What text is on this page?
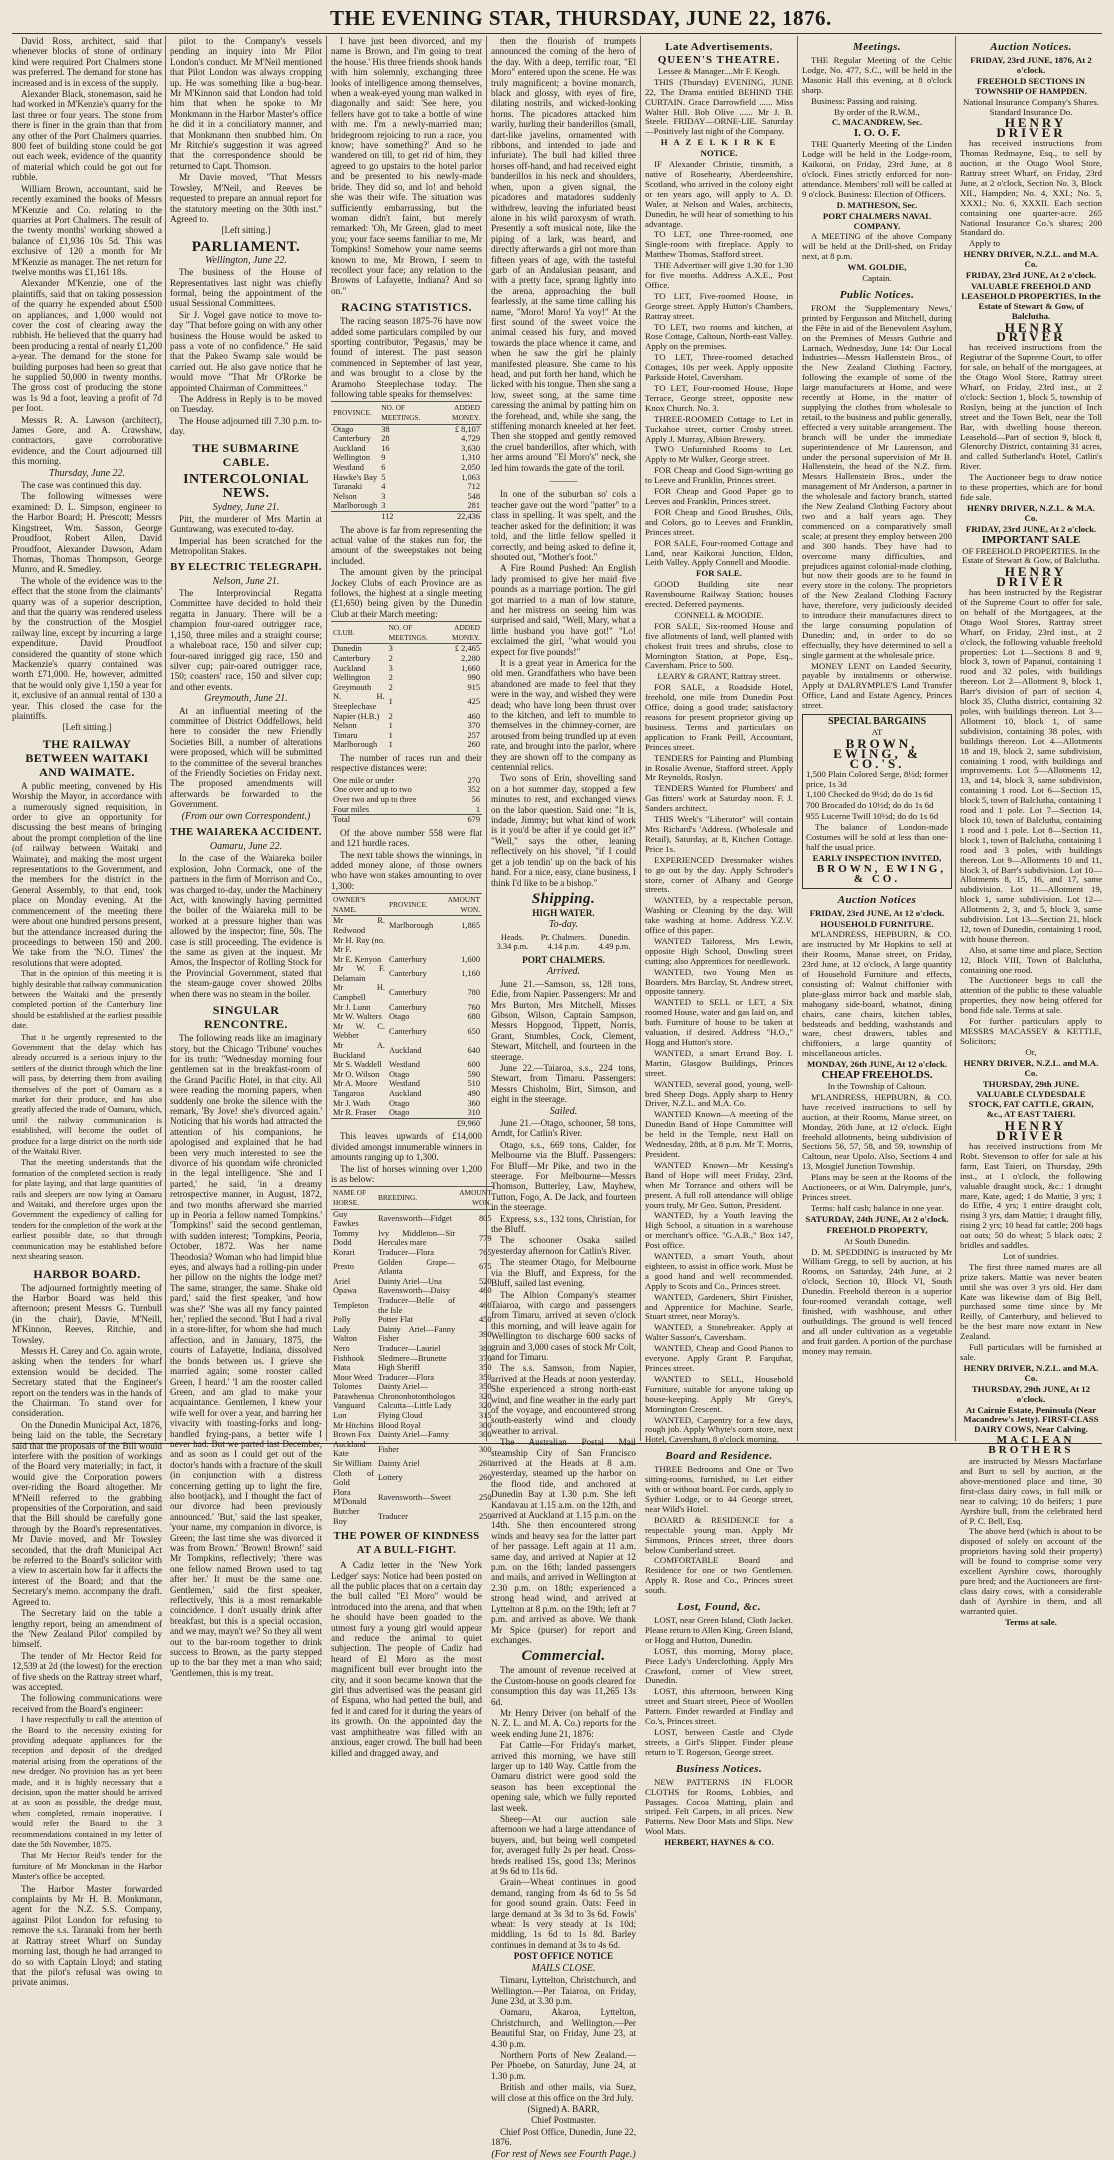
THE EVENING STAR, THURSDAY, JUNE 22, 1876.

David Ross, architect, said that whenever blocks of stone of ordinary kind were required Port Chalmers stone was preferred. The demand for stone has increased and is in excess of the supply.

Alexander Black, stonemason, said he had worked in M'Kenzie's quarry for the last three or four years. The stone from there is finer in the grain than that from any other of the Port Chalmers quarries. 800 feet of building stone could be got out each week, evidence of the quantity of material which could be got out for rubble.

William Brown, accountant, said he recently examined the books of Messrs M'Kenzie and Co. relating to the quarries at Port Chalmers. The result of the twenty months' working showed a balance of £1,936 10s 5d. This was exclusive of 120 a month for Mr M'Kenzie as manager. The net return for twelve months was £1,161 18s.

Alexander M'Kenzie, one of the plaintiffs, said that on taking possession of the quarry he expended about £500 on appliances, and 1,000 would not cover the cost of clearing away the rubbish. He believed that the quarry had been producing a rental of nearly £1,200 a-year. The demand for the stone for building purposes had been so great that he supplied 50,000 in twenty months. The gross cost of producing the stone was 1s 9d a foot, leaving a profit of 7d per foot.

Messrs R. A. Lawson (architect), James Gore, and A. Crawshaw, contractors, gave corroborative evidence, and the Court adjourned till this morning.

Thursday, June 22.

The case was continued this day.

The following witnesses were examined: D. L. Simpson, engineer to the Harbor Board; H. Prescott; Messrs Kingstreet, Wm. Sasson, George Proudfoot, Robert Allen, David Proudfoot, Alexander Dawson, Adam Thomas, Thomas Thompson, George Munro, and R. Smedley.

The whole of the evidence was to the effect that the stone from the claimants' quarry was of a superior description, and that the quarry was rendered useless by the construction of the Mosgiel railway line, except by incurring a large expenditure. David Proudfoot considered the quantity of stone which Mackenzie's quarry contained was worth £71,000. He, however, admitted that he would only give 1,150 a year for it, exclusive of an annual rental of 130 a year. This closed the case for the plaintiffs.

[Left sitting.]

THE RAILWAY BETWEEN WAITAKI AND WAIMATE.

A public meeting, convened by His Worship the Mayor, in accordance with a numerously signed requisition, in order to give an opportunity for discussing the best means of bringing about the prompt completion of the line (of railway between Waitaki and Waimate), and making the most urgent representations to the Government, and the members for the district in the General Assembly, to that end, took place on Monday evening. At the commencement of the meeting there were about one hundred persons present, but the attendance increased during the proceedings to between 150 and 200. We take from the 'N.O. Times' the resolutions that were adopted.

That in the opinion of this meeting it is highly desirable that railway communication between the Waitaki and the presently completed portion of the Canterbury line should be established at the earliest possible date.

That it be urgently represented to the Government that the delay which has already occurred is a serious injury to the settlers of the district through which the line will pass, by deterring them from availing themselves of the port of Oamaru as a market for their produce, and has also greatly affected the trade of Oamaru, which, until the railway communication is established, will become the outlet of produce for a large district on the north side of the Waitaki River.

That the meeting understands that the formation of the completed section is ready for plate laying, and that large quantities of rails and sleepers are now lying at Oamaru and Waitaki, and therefore urges upon the Government the expediency of calling for tenders for the completion of the work at the earliest possible date, so that through communication may be established before next shearing season.

HARBOR BOARD.

The adjourned fortnightly meeting of the Harbor Board was held this afternoon; present Messrs G. Turnbull (in the chair), Davie, M'Neill, M'Kinnon, Reeves, Ritchie, and Towsley.

Messrs H. Carey and Co. again wrote, asking when the tenders for wharf extension would be decided. The Secretary stated that the Engineer's report on the tenders was in the hands of the Chairman. To stand over for consideration.

On the Dunedin Municipal Act, 1876, being laid on the table, the Secretary said that the proposals of the Bill would interfere with the position of workings of the Board very materially; in fact, it would give the Corporation powers over-riding the Board altogether. Mr M'Neill referred to the grabbing propensities of the Corporation, and said that the Bill should be carefully gone through by the Board's representatives. Mr Davie moved, and Mr Towsley seconded, that the draft Municipal Act be referred to the Board's solicitor with a view to ascertain how far it affects the interest of the Board; and that the Secretary's memo. accompany the draft. Agreed to.

The Secretary laid on the table a lengthy report, being an amendment of the 'New Zealand Pilot' compiled by himself.

The tender of Mr Hector Reid for 12,539 at 2d (the lowest) for the erection of five sheds on the Rattray street wharf, was accepted.

The following communications were received from the Board's engineer:

I have respectfully to call the attention of the Board to the necessity existing for providing adequate appliances for the reception and deposit of the dredged material arising from the operations of the new dredger. No provision has as yet been made, and it is highly necessary that a decision, upon the matter should be arrived at as soon as possible, the dredge must, when completed, remain inoperative. I would refer the Board to the 3 recommendations contained in my letter of date the 5th November, 1875.

That Mr Hector Reid's tender for the furniture of Mr Monckman in the Harbor Master's office be accepted.

The Harbor Master forwarded complaints by Mr H. B. Monkmann, agent for the N.Z. S.S. Company, against Pilot London for refusing to remove the s.s. Taranaki from her berth at Rattray street Wharf on Sunday morning last, though he had arranged to do so with Captain Lloyd; and stating that the pilot's refusal was owing to private animus.

pilot to the Company's vessels pending an inquiry into Mr Pilot London's conduct. Mr M'Neil mentioned that Pilot London was always cropping up. He was something like a bug-bear. Mr M'Kinnon said that London had told him that when he spoke to Mr Monkmann in the Harbor Master's office he did it in a conciliatory manner, and that Monkmann then snubbed him. On Mr Ritchie's suggestion it was agreed that the correspondence should be returned to Capt. Thomson.

Mr Davie moved, "That Messrs Towsley, M'Neil, and Reeves be requested to prepare an annual report for the statutory meeting on the 30th inst." Agreed to.

[Left sitting.]

PARLIAMENT.

Wellington, June 22.

The business of the House of Representatives last night was chiefly formal, being the appointment of the usual Sessional Committees.

Sir J. Vogel gave notice to move to-day "That before going on with any other business the House would be asked to pass a vote of no confidence." He said that the Pakeo Swamp sale would be carried out. He also gave notice that he would move "That Mr O'Rorke be appointed Chairman of Committees."

The Address in Reply is to be moved on Tuesday.

The House adjourned till 7.30 p.m. to-day.

THE SUBMARINE CABLE.

INTERCOLONIAL NEWS.

Sydney, June 21.

Pitt, the murderer of Mrs Martin at Guntawang, was executed to-day.

Imperial has been scratched for the Metropolitan Stakes.

BY ELECTRIC TELEGRAPH.

Nelson, June 21.

The Interprovincial Regatta Committee have decided to hold their regatta in January. There will be a champion four-oared outrigger race, 1,150, three miles and a straight course; a whaleboat race, 150 and silver cup; four-oared inrigged gig race, 150 and silver cup; pair-oared outrigger race, 150; coasters' race, 150 and silver cup; and other events.

Greymouth, June 21.

At an influential meeting of the committee of District Oddfellows, held here to consider the new Friendly Societies Bill, a number of alterations were proposed, which will be submitted to the committee of the several branches of the Friendly Societies on Friday next. The proposed amendments will afterwards be forwarded to the Government.

(From our own Correspondent.)

THE WAIAREKA ACCIDENT.

Oamaru, June 22.

In the case of the Waiareka boiler explosion, John Cormack, one of the partners in the firm of Morrison and Co., was charged to-day, under the Machinery Act, with knowingly having permitted the boiler of the Waiareka mill to be worked at a pressure higher than was allowed by the inspector; fine, 50s. The case is still proceeding. The evidence is the same as given at the inquest. Mr Amos, the Inspector of Rolling Stock for the Provincial Government, stated that the steam-gauge cover showed 20lbs when there was no steam in the boiler.

SINGULAR RENCONTRE.

The following reads like an imaginary story, but the Chicago 'Tribune' vouches for its truth: "Wednesday morning four gentlemen sat in the breakfast-room of the Grand Pacific Hotel, in that city. All were reading the morning papers, when suddenly one broke the silence with the remark, 'By Jove! she's divorced again.' Noticing that his words had attracted the attention of his companions, he apologised and explained that he had been very much interested to see the divorce of his quondam wife chronicled in the legal intelligence. 'She and I parted,' he said, 'in a dreamy retrospective manner, in August, 1872, and two months afterward she married up in Peoria a fellow named Tompkins.' 'Tompkins!' said the second gentleman, with sudden interest; 'Tompkins, Peoria, October, 1872. Was her name Theodosia? Woman who had limpid blue eyes, and always had a rolling-pin under her pillow on the nights the lodge met? The same, stranger, the same. Shake old pard,' said the first speaker, 'and how was she?' 'She was all my fancy painted her,' replied the second. 'But I had a rival in a store-lifter, for whom she had much affection, and in January, 1875, the courts of Lafayette, Indiana, dissolved the bonds between us. I grieve she married again; some rooster called Green, I heard.' 'I am the rooster called Green, and am glad to make your acquaintance. Gentlemen, I knew your wife well for over a year, and barring her vivacity with toasting-forks and long-handled frying-pans, a better wife I never had. But we parted last December, and as soon as I could get out of the doctor's hands with a fracture of the skull (in conjunction with a distress concerning getting up to light the fire, also bootjack), and I thought the fact of our divorce had been previously announced.' 'But,' said the last speaker, 'your name, my companion in divorce, is Green; the last time she was divorced it was from Brown.' 'Brown! Brown!' said Mr Tompkins, reflectively; 'there was one fellow named Brown used to tag after her.' It must be the same one. Gentlemen,' said the first speaker, reflectively, 'this is a most remarkable coincidence. I don't usually drink after breakfast, but this is a special occasion, and we may, mayn't we? So they all went out to the bar-room together to drink success to Brown, as the party stepped up to the bar they met a man who said; 'Gentlemen, this is my treat.

I have just been divorced, and my name is Brown, and I'm going to treat the house.' His three friends shook hands with him solemnly, exchanging three looks of intelligence among themselves, when a weak-eyed young man walked in diagonally and said: 'See here, you fellers have got to take a bottle of wine with me. I'm a newly-married man; bridegroom rejoicing to run a race, you know; have something?' And so he wandered on till, to get rid of him, they agreed to go upstairs to the hotel parlor and be presented to his newly-made bride. They did so, and lo! and behold she was their wife. The situation was sufficiently embarrassing, but the woman didn't faint, but merely remarked: 'Oh, Mr Green, glad to meet you; your face seems familiar to me, Mr Tompkins! Somehow your name seems known to me, Mr Brown, I seem to recollect your face; any relation to the Browns of Lafayette, Indiana? And so on."

RACING STATISTICS.

The racing season 1875-76 have now added some particulars compiled by our sporting contributor, 'Pegasus,' may be found of interest. The past season commenced in September of last year, and was brought to a close by the Aramoho Steeplechase today. The following table speaks for themselves:

PROVINCE.	NO. OF MEETINGS.	ADDED MONEY.
Otago	38	£ 8,107
Canterbury	28	4,729
Auckland	16	3,630
Wellington	9	1,310
Westland	6	2,050
Hawke's Bay	5	1,063
Taranaki	4	712
Nelson	3	548
Marlborough	3	281
	112	22,436

The above is far from representing the actual value of the stakes run for, the amount of the sweepstakes not being included.

The amount given by the principal Jockey Clubs of each Province are as follows, the highest at a single meeting (£1,650) being given by the Dunedin Club at their March meeting:

CLUB.	NO. OF MEETINGS.	ADDED MONEY.
Dunedin	3	£ 2,465
Canterbury	2	2,280
Auckland	3	1,660
Wellington	2	990
Greymouth	2	915
N. H. Steeplechase	1	425
Napier (H.B.)	2	460
Nelson	1	370
Timaru	1	257
Marlborough	1	260

The number of races run and their respective distances were:

One mile or under	270
One over and up to two	352
Over two and up to three	56
Four miles	1
Total	679

Of the above number 558 were flat and 121 hurdle races.

The next table shows the winnings, in added money alone, of those owners who have won stakes amounting to over 1,300:

OWNER'S NAME.	PROVINCE.	AMOUNT WON.
Mr R. Redwood	Marlborough	1,865
Mr H. Ray (no. Mr F.		
Mr E. Kenyon	Canterbury	1,600
Mr W. F. Delamain	Canterbury	1,160
Mr H. Campbell	Canterbury	780
Mr J. Lunn	Canterbury	760
Mr W. Walters	Otago	680
Mr W. C. Webber	Canterbury	650
Mr A. Buckland	Auckland	640
Mr S. Waddell	Westland	600
Mr O. Wilson	Otago	590
Mr A. Moore	Westland	510
Tangaroa	Auckland	490
Mr J. Wath	Otago	360
Mr R. Fraser	Otago	310
		£9,960

This leaves upwards of £14,000 divided amongst innumerable winners in amounts ranging up to 1,300.

The list of horses winning over 1,200 is as below:

NAME OF HORSE.	BREEDING.	AMOUNT WON.
Guy Fawkes	Ravensworth—Fidget	805
Tommy Dodd	Ivy Middleton—Sir Hercules mare	779
Korari	Traducer—Flora	765
Presto	Golden Grape—Atlanta	675
Ariel	Dainty Ariel—Una	520
Opawa	Ravensworth—Daisy	460
Templeton	Traducer—Belle of the Isle	460
Polly	Potter Flat	450
Lady Walton	Dainty Ariel—Fanny Fisher	390
Nero	Traducer—Lauriel	380
Fishhook	Sledmere—Brunette	370
Mata	High Sheriff	350
Moor Weed	Traducer—Flora	350
Tolomes	Dainty Ariel—	350
Parawhenua	Chrononhotonthologos	320
Vanguard	Calcutta—Little Lady	320
Lon	Flying Cloud	315
Mr Hitchins	Blood Royal	300
Brown Fox	Dainty Ariel—Fanny	300
Auckland Kate	Fisher	300
Sir William	Dainty Ariel	260
Cloth of Gold	Lottery	260
Flora M'Donald	Ravensworth—Sweet	250
Butcher Boy	Traducer	250

THE POWER OF KINDNESS AT A BULL-FIGHT.

A Cadiz letter in the 'New York Ledger' says: Notice had been posted on all the public places that on a certain day the bull called "El Moro" would be introduced into the arena, and that when he should have been goaded to the utmost fury a young girl would appear and reduce the animal to quiet subjection. The people of Cadiz had heard of El Moro as the most magnificent bull ever brought into the city, and it soon became known that the girl thus advertised was the peasant girl of Espana, who had petted the bull, and fed it and cared for it during the years of its growth. On the appointed day the vast amphitheatre was filled with an anxious, eager crowd. The bull had been killed and dragged away, and

then the flourish of trumpets announced the coming of the hero of the day. With a deep, terrific roar, "El Moro" entered upon the scene. He was truly magnificent; a bovine monarch, black and glossy, with eyes of fire, dilating nostrils, and wicked-looking horns. The picadores attacked him warily, hurling their banderillos (small, dart-like javelins, ornamented with ribbons, and intended to jade and infuriate). The bull had killed three horses off-hand, and had received eight banderillos in his neck and shoulders, when, upon a given signal, the picadores and matadores suddenly withdrew, leaving the infuriated beast alone in his wild paroxysm of wrath. Presently a soft musical note, like the piping of a lark, was heard, and directly afterwards a girl not more than fifteen years of age, with the tasteful garb of an Andalusian peasant, and with a pretty face, sprang lightly into the arena, approaching the bull fearlessly, at the same time calling his name, "Moro! Moro! Ya voy!" At the first sound of the sweet voice the animal ceased his fury, and moved towards the place whence it came, and when he saw the girl he plainly manifested pleasure. She came to his head, and put forth her hand, which he licked with his tongue. Then she sang a low, sweet song, at the same time caressing the animal by patting him on the forehead, and, while she sang, the stiffening monarch kneeled at her feet. Then she stopped and gently removed the cruel banderillos, after which, with her arms around "El Moro's" neck, she led him towards the gate of the toril.

———

In one of the suburban so' cols a teacher gave out the word "patter" to a class in spelling. It was spelt, and the teacher asked for the definition; it was told, and the little fellow spelled it correctly, and being asked to define it, shouted out, "Mother's foot."

A Fire Round Pushed: An English lady promised to give her maid five pounds as a marriage portion. The girl got married to a man of low stature, and her mistress on seeing him was surprised and said, "Well, Mary, what a little husband you have got!" "Lo! exclaimed the girl, "what would you expect for five pounds!"

It is a great year in America for the old men. Grandfathers who have been abandoned are made to feel that they were in the way, and wished they were dead; who have long been thrust over to the kitchen, and left to mumble to themselves in the chimney-corner, are aroused from being trundled up at even rate, and brought into the parlor, where they are shown off to the company as centennial relics.

Two sons of Erin, shovelling sand on a hot summer day, stopped a few minutes to rest, and exchanged views on the labor question. Said one: "It is, indade, Jimmy; but what kind of work is it you'd be after if ye could get it?" "Well," says the other, leaning reflectively on his shovel, "if I could get a job tendin' up on the back of his hand. For a nice, easy, clane business, I think I'd like to be a bishop."

Shipping.

HIGH WATER.

To-day.

Heads.	Pt. Chalmers.	Dunedin.
3.34 p.m.	4.14 p.m.	4.49 p.m.

PORT CHALMERS.

Arrived.

June 21.—Samson, ss, 128 tons, Edie, from Napier. Passengers: Mr and Mrs Burton, Mrs Mitchell, Misses Gibson, Wilson, Captain Sampson, Messrs Hopgood, Tippett, Norris, Grant, Stumbles, Cock, Clement, Stewart, Mitchell, and fourteen in the steerage.

June 22.—Taiaroa, s.s., 224 tons, Stewart, from Timaru. Passengers: Messrs Chisholm, Birt, Simson, and eight in the steerage.

Sailed.

June 21.—Otago, schooner, 58 tons, Arndt, for Catlin's River.

Otago, s.s., 669 tons, Calder, for Melbourne via the Bluff. Passengers: For Bluff—Mr Pike, and two in the steerage. For Melbourne—Messrs Thomson, Butterley, Law, Mayhew, Tutton, Fogo, A. De Jack, and fourteen in the steerage.

Express, s.s., 132 tons, Christian, for the Bluff.

The schooner Osaka sailed yesterday afternoon for Catlin's River.

The steamer Otago, for Melbourne via the Bluff, and Express, for the Bluff, sailed last evening.

The Albion Company's steamer Taiaroa, with cargo and passengers from Timaru, arrived at seven o'clock this morning, and will leave again for Wellington to discharge 600 sacks of grain and 3,000 cases of stock Mr Colt, and for Timaru.

The s.s. Samson, from Napier, arrived at the Heads at noon yesterday. She experienced a strong north-east wind, and fine weather in the early part of the voyage, and encountered strong south-easterly wind and cloudy weather to arrival.

The Australian Postal Mail steamship City of San Francisco arrived at the Heads at 8 a.m. yesterday, steamed up the harbor on the flood tide, and anchored at Dunedin Bay at 1.30 p.m. She left Kandavau at 1.15 a.m. on the 12th, and arrived at Auckland at 1.15 p.m. on the 14th. She then encountered strong winds and heavy sea for the latter part of her passage. Left again at 11 a.m. same day, and arrived at Napier at 12 p.m. on the 16th; landed passengers and mails, and arrived in Wellington at 2.30 p.m. on 18th; experienced a strong head wind, and arrived at Lyttelton at 8 p.m. on the 19th; left at 7 p.m. and arrived as above. We thank Mr Spice (purser) for report and exchanges.

Commercial.

The amount of revenue received at the Custom-house on goods cleared for consumption this day was 11,265 13s 6d.

Mr Henry Driver (on behalf of the N. Z. L. and M. A. Co.) reports for the week ending June 21, 1876:

Fat Cattle—For Friday's market, arrived this morning, we have still larger up to 140 Way. Cattle from the Oamaru district were good sold the season has been exceptional the opening sale, which we fully reported last week.

Sheep—At our auction sale afternoon we had a large attendance of buyers, and, but being well competed for, averaged fully 2s per head. Cross-breds realised 15s, good 13s; Merinos at 9s 6d to 11s 6d.

Grain—Wheat continues in good demand, ranging from 4s 6d to 5s 5d for good sound grain. Oats: Feed in large demand at 3s 3d to 3s 6d. Fowls' wheat: Is very steady at 1s 10d; middling, 1s 6d to 1s 8d. Barley continues in demand at 3s to 4s 6d.

POST OFFICE NOTICE

MAILS CLOSE.

Timaru, Lyttelton, Christchurch, and Wellington.—Per Taiaroa, on Friday, June 23d, at 3.30 p.m.

Oamaru, Akaroa, Lyttelton, Christchurch, and Wellington.—Per Beautiful Star, on Friday, June 23, at 4.30 p.m.

Northern Ports of New Zealand.—Per Phoebe, on Saturday, June 24, at 1.30 p.m.

British and other mails, via Suez, will close at this office on the 3rd July.

(Signed) A. BARR,

Chief Postmaster.

Chief Post Office, Dunedin, June 22, 1876.

(For rest of News see Fourth Page.)

Late Advertisements.

QUEEN'S THEATRE.

Lessee & Manager....Mr F. Keogh.

THIS (Thursday) EVENING, JUNE 22, The Drama entitled BEHIND THE CURTAIN. Grace Darrowfield ...... Miss Walter Hill. Bob Olive ...... Mr J. B. Steele. FRIDAY—ORNE-LIE. Saturday—Positively last night of the Company.

H A Z E L K I R K E

NOTICE.

IF Alexander Christie, tinsmith, a native of Rosehearty, Aberdeenshire, Scotland, who arrived in the colony eight or ten years ago, will apply to A. D. Waler, at Nelson and Wales, architects, Dunedin, he will hear of something to his advantage.

TO LET, one Three-roomed, one Single-room with fireplace. Apply to Matthew Thomas, Stafford street.

THE Advertiser will give 1.30 for 1.30 for five months. Address A.X.E., Post Office.

TO LET, Five-roomed House, in George street. Apply Hutton's Chambers, Rattray street.

TO LET, two rooms and kitchen, at Rose Cottage, Caltoun, North-east Valley. Apply on the premises.

TO LET, Three-roomed detached Cottages, 10s per week. Apply opposite Parkside Hotel, Caversham.

TO LET, Four-roomed House, Hope Terrace, George street, opposite new Knox Church. No. 3.

THREE-ROOMED Cottage to Let in Tuckahoe street, corner Crosby street. Apply J. Murray, Albion Brewery.

TWO Unfurnished Rooms to Let. Apply to Mr Walker, George street.

FOR Cheap and Good Sign-writing go to Leeve and Franklin, Princes street.

FOR Cheap and Good Paper go to Leeves and Franklin, Princes street.

FOR Cheap and Good Brushes, Oils, and Colors, go to Leeves and Franklin, Princes street.

FOR SALE, Four-roomed Cottage and Land, near Kaikorai Junction, Eldon, Leith Valley. Apply Connell and Moodie.

FOR SALE.

GOOD Building site near Ravensbourne Railway Station; houses erected. Deferred payments.

CONNELL & MOODIE.

FOR SALE, Six-roomed House and five allotments of land, well planted with chokest fruit trees and shrubs, close to Mornington Station, at Pope, Esq., Caversham. Price to 500.

LEARY & GRANT, Rattray street.

FOR SALE, a Roadside Hotel, freehold, one mile from Dunedin Post Office, doing a good trade; satisfactory reasons for present proprietor giving up business. Terms and particulars on application to Frank Peill, Accountant, Princes street.

TENDERS for Painting and Plumbing in Rosalie Avenue, Stafford street. Apply Mr Reynolds, Roslyn.

TENDERS Wanted for Plumbers' and Gas fitters' work at Saturday noon. F. J. Sanders architect.

THIS Week's "Liberator" will contain Mrs Richard's 'Address. (Wholesale and Retail), Saturday, at 8, Kitchen Cottage. Price 1s.

EXPERIENCED Dressmaker wishes to go out by the day. Apply Schroder's store, corner of Albany and George streets.

WANTED, by a respectable person, Washing or Cleaning by the day. Will take washing at home. Address Y.Z.V. office of this paper.

WANTED Tailoress, Mrs Lewis, opposite High School, Dowling street cutting; also Apprentices for needlework.

WANTED, two Young Men as Boarders. Mrs Barclay, St. Andrew street, opposite tannery.

WANTED to SELL or LET, a Six roomed House, water and gas laid on, and bath. Furniture of house to be taken at valuation, if desired. Address "H.O.," Hogg and Hutton's store.

WANTED, a smart Errand Boy. I. Martin, Glasgow Buildings, Princes street.

WANTED, several good, young, well-bred Sheep Dogs. Apply sharp to Henry Driver, N.Z.L. and M.A. Co.

WANTED Known—A meeting of the Dunedin Band of Hope Committee will be held in the Temple, next Hall on Wednesday, 28th, at 8 p.m. Mr T. Morris, President.

WANTED Known—Mr Kessing's Band of Hope will meet Friday, 23rd, when Mr Torrance and others will be present. A full roll attendance will oblige yours truly, Mr Geo. Sutton, President.

WANTED, by a Youth leaving the High School, a situation in a warehouse or merchant's office. "G.A.B.," Box 147, Post office.

WANTED, a smart Youth, about eighteen, to assist in office work. Must be a good hand and well recommended. Apply to Scots and Co., Princes street.

WANTED, Gardeners, Shirt Finisher, and Apprentice for Machine. Searle, Stuart street, near Moray's.

WANTED, a Stonebreaker. Apply at Walter Sasson's, Caversham.

WANTED, Cheap and Good Pianos to everyone. Apply Grant P. Farquhar, Princes street.

WANTED to SELL, Household Furniture, suitable for anyone taking up house-keeping. Apply Mr Grey's, Mornington Crescent.

WANTED, Carpentry for a few days, rough job. Apply Whyte's corn store, next Hotel, Caversham, 8 o'clock morning.

Board and Residence.

THREE Bedrooms and One or Two sitting-rooms, furnished, to Let either with or without board. For cards, apply to Sythier Lodge, or to 44 George street, near Wild's Hotel.

BOARD & RESIDENCE for a respectable young man. Apply Mr Simmons, Princes street, three doors below Cumberland street.

COMFORTABLE Board and Residence for one or two Gentlemen. Apply R. Rose and Co., Princes street south.

Lost, Found, &c.

LOST, near Green Island, Cloth Jacket. Please return to Allen King, Green Island, or Hogg and Hutton, Dunedin.

LOST, this morning, Moray place, Piece Lady's Underclothing. Apply Mrs Crawford, corner of View street, Dunedin.

LOST, this afternoon, between King street and Stuart street, Piece of Woollen Pattern. Finder rewarded at Findlay and Co.'s, Princes street.

LOST, between Castle and Clyde streets, a Girl's Slipper. Finder please return to T. Rogerson, George street.

Business Notices.

NEW PATTERNS IN FLOOR CLOTHS for Rooms, Lobbies, and Passages. Cocoa Matting, plain and striped. Felt Carpets, in all prices. New Patterns. New Door Mats and Slips. New Wool Mats.

HERBERT, HAYNES & CO.

Meetings.

THE Regular Meeting of the Celtic Lodge, No. 477, S.C., will be held in the Masonic Hall this evening, at 8 o'clock sharp.

Business: Passing and raising.

By order of the R.W.M.,

C. MACANDREW, Sec.

I. O. O. F.

THE Quarterly Meeting of the Linden Lodge will be held in the Lodge-room, Kaikorai, on Friday, 23rd June, at 8 o'clock. Fines strictly enforced for non-attendance. Members' roll will be called at 9 o'clock. Business: Election of Officers.

D. MATHESON, Sec.

PORT CHALMERS NAVAL COMPANY.

A MEETING of the above Company will be held at the Drill-shed, on Friday next, at 8 p.m.

WM. GOLDIE,

Captain.

Public Notices.

FROM the 'Supplementary News,' printed by Fergusson and Mitchell, during the Fête in aid of the Benevolent Asylum, on the Premises of Messrs Guthrie and Larnach, Wednesday, June 14: Our Local Industries—Messrs Hallenstein Bros., of the New Zealand Clothing Factory, following the example of some of the large manufacturers at Home, and were recently at Home, in the matter of supplying the clothes from wholesale to retail, to the business and public generally, effected a very suitable arrangement. The branch will be under the immediate superintendence of Mr Laurenson, and under the personal supervision of Mr B. Hallenstein, the head of the N.Z. firm. Messrs Hallenstein Bros., under the management of Mr Anderson, a partner in the wholesale and factory branch, started the New Zealand Clothing Factory about two and a half years ago. They commenced on a comparatively small scale; at present they employ between 200 and 300 hands. They have had to overcome many difficulties, and prejudices against colonial-made clothing, but now their goods are to be found in every store in the colony. The proprietors of the New Zealand Clothing Factory have, therefore, very judiciously decided to introduce their manufactures direct to the large consuming population of Dunedin; and, in order to do so effectually, they have determined to sell a single garment at the wholesale price.

MONEY LENT on Landed Security, payable by instalments or otherwise. Apply at DALRYMPLE'S Land Transfer Office, Land and Estate Agency, Princes street.

SPECIAL BARGAINS

AT

BROWN, EWING, & CO.'S.

1,500 Plain Colored Serge, 8½d; former price, 1s 3d

1,100 Checked do 9½d; do do 1s 6d

700 Brocaded do 10½d; do do 1s 6d

955 Lucerne Twill 10½d; do do 1s 6d

The balance of London-made Costumes will be sold at less than one-half the usual price.

EARLY INSPECTION INVITED,

BROWN, EWING, & CO.

Auction Notices

FRIDAY, 23rd JUNE, At 12 o'clock.

HOUSEHOLD FURNITURE.

M'LANDRESS, HEPBURN, & CO. are instructed by Mr Hopkins to sell at their Rooms, Manse street, on Friday, 23rd June, at 12 o'clock, A large quantity of Household Furniture and effects, consisting of: Walnut chiffonier with plate-glass mirror back and marble slab, mahogany side-board, whatnot, dining chairs, cane chairs, kitchen tables, bedsteads and bedding, washstands and ware, chest drawers, tables and chiffoniers, a large quantity of miscellaneous articles.

MONDAY, 26th JUNE, At 12 o'clock.

CHEAP FREEHOLDS.

In the Township of Caltoun.

M'LANDRESS, HEPBURN, & CO. have received instructions to sell by auction, at their Rooms, Manse street, on Monday, 26th June, at 12 o'clock. Eight freehold allotments, being subdivision of Sections 56, 57, 58, and 59, township of Caltoun, near Upolo. Also, Sections 4 and 13, Mosgiel Junction Township.

Plans may be seen at the Rooms of the Auctioneers, or at Wm. Dalrymple, junr's, Princes street.

Terms: half cash; balance in one year.

SATURDAY, 24th JUNE, At 2 o'clock.

FREEHOLD PROPERTY,

At South Dunedin.

D. M. SPEDDING is instructed by Mr William Gregg, to sell by auction, at his Rooms, on Saturday, 24th June, at 2 o'clock, Section 10, Block VI, South Dunedin. Freehold thereon is a superior four-roomed verandah cottage, well finished, with washhouse, and other outbuildings. The ground is well fenced and all under cultivation as a vegetable and fruit garden. A portion of the purchase money may remain.

Auction Notices.

FRIDAY, 23rd JUNE, 1876, At 2 o'clock.

FREEHOLD SECTIONS IN TOWNSHIP OF HAMPDEN.

National Insurance Company's Shares. Standard Insurance Do.

HENRY DRIVER

has received instructions from Thomas Redmayne, Esq., to sell by auction, at the Otago Wool Store, Rattray street Wharf, on Friday, 23rd June, at 2 o'clock, Section No. 3, Block XII., Hampden; No. 4, XXI.; No. 5, XXXI.; No. 6, XXXII. Each section containing one quarter-acre. 265 National Insurance Co.'s shares; 200 Standard do.

Apply to

HENRY DRIVER, N.Z.L. and M.A. Co.

FRIDAY, 23rd JUNE, At 2 o'clock.

VALUABLE FREEHOLD AND LEASEHOLD PROPERTIES, In the Estate of Stewart & Gow, of Balclutha.

HENRY DRIVER

has received instructions from the Registrar of the Supreme Court, to offer for sale, on behalf of the mortgagees, at the Otago Wool Store, Rattray street Wharf, on Friday, 23rd inst., at 2 o'clock: Section 1, block 5, township of Roslyn, being at the junction of Inch street and the Town Belt, near the Toll Bar, with dwelling house thereon. Leasehold—Part of section 9, block 8, Glenorchy District, containing 31 acres, and called Sutherland's Hotel, Catlin's River.

The Auctioneer begs to draw notice to these properties, which are for bond fide sale.

HENRY DRIVER, N.Z.L. & M.A. Co.

FRIDAY, 23rd JUNE, At 2 o'clock.

IMPORTANT SALE

OF FREEHOLD PROPERTIES. In the Estate of Stewart & Gow, of Balclutha.

HENRY DRIVER

has been instructed by the Registrar of the Supreme Court to offer for sale, on behalf of the Mortgagees, at the Otago Wool Stores, Rattray street Wharf, on Friday, 23rd inst., at 2 o'clock, the following valuable freehold properties: Lot 1—Sections 8 and 9, block 3, town of Papanui, containing 1 rood and 32 poles, with buildings thereon. Lot 2—Allotment 9, block 1, Barr's division of part of section 4, block 35, Clutha district, containing 32 poles, with buildings thereon. Lot 3—Allotment 10, block 1, of same subdivision, containing 38 poles, with buildings thereon. Lot 4—Allotments 18 and 19, block 2, same subdivision, containing 1 rood, with buildings and improvements. Lot 5—Allotments 12, 13, and 14, block 3, same subdivision, containing 1 rood. Lot 6—Section 15, block 5, town of Balclutha, containing 1 rood and 1 pole. Lot 7—Section 14, block 10, town of Balclutha, containing 1 rood and 1 pole. Lot 8—Section 11, block 1, town of Balclutha, containing 1 rood and 3 poles, with buildings thereon. Lot 9—Allotments 10 and 11, block 3, of Barr's subdivision. Lot 10—Allotments 8, 15, 16, and 17, same subdivision. Lot 11—Allotment 19, block 1, same subdivision. Lot 12—Allotments 2, 3, and 5, block 3, same subdivision. Lot 13—Section 21, block 12, town of Dunedin, containing 1 rood, with house thereon.

Also, at same time and place, Section 12, Block VIII, Town of Balclutha, containing one rood.

The Auctioneer begs to call the attention of the public to these valuable properties, they now being offered for bond fide sale. Terms at sale.

For further particulars apply to MESSRS MACASSEY & KETTLE, Solicitors;

Or,

HENRY DRIVER, N.Z.L. and M.A. Co.

THURSDAY, 29th JUNE.

VALUABLE CLYDESDALE STOCK, FAT CATTLE, GRAIN, &c., AT EAST TAIERI.

HENRY DRIVER

has received instructions from Mr Robt. Stevenson to offer for sale at his farm, East Taieri, on Thursday, 29th inst., at 1 o'clock, the following valuable draught stock, &c.: 1 draught mare, Kate, aged; 1 do Mattie, 3 yrs; 1 do Effie, 4 yrs; 1 entire draught colt, rising 3 yrs, dam Mattie; 1 draught filly, rising 2 yrs; 10 head fat cattle; 200 bags oat oats; 50 do wheat; 5 black oats; 2 bridles and saddles.

Lot of sundries.

The first three named mares are all prize takers. Mattie was never beaten until she was over 3 yrs old. Her dam Kate was likewise dam of Big Bell, purchased some time since by Mr Reilly, of Canterbury, and believed to be the best mare now extant in New Zealand.

Full particulars will be furnished at sale.

HENRY DRIVER, N.Z.L. and M.A. Co.

THURSDAY, 29th JUNE, At 12 o'clock.

At Cairnie Estate, Peninsula (Near Macandrew's Jetty). FIRST-CLASS DAIRY COWS, Near Calving.

MACLEAN BROTHERS

are instructed by Messrs Macfarlane and Burt to sell by auction, at the above-mentioned place and time, 30 first-class dairy cows, in full milk or near to calving; 10 do heifers; 1 pure Ayrshire bull, from the celebrated herd of P. C. Bell, Esq.

The above herd (which is about to be disposed of solely on account of the proprietors having sold their property) will be found to comprise some very excellent Ayrshire cows, thoroughly pure bred; and the Auctioneers are first-class dairy cows, with a considerable dash of Ayrshire in them, and all warranted quiet.

Terms at sale.
